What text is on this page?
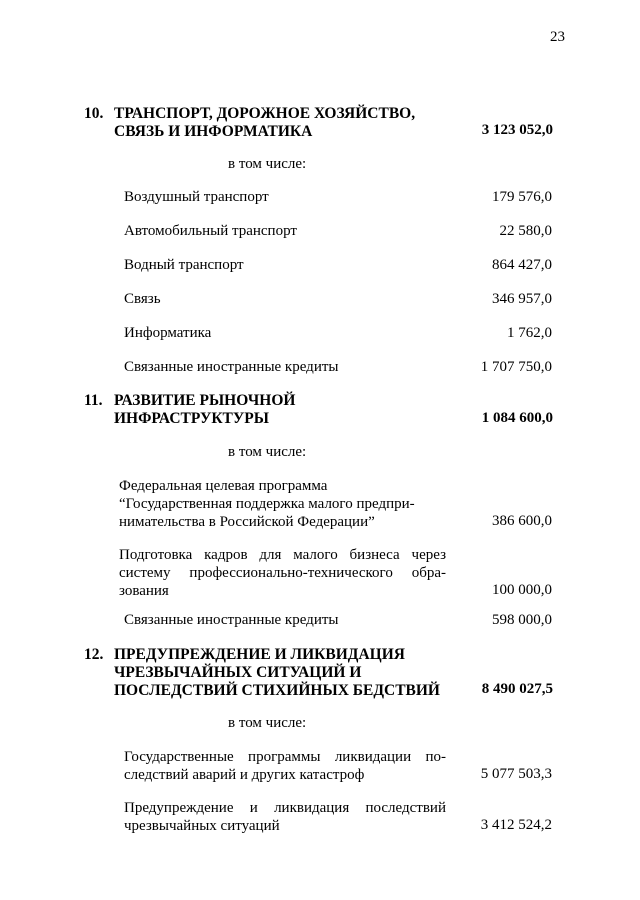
23
10. ТРАНСПОРТ, ДОРОЖНОЕ ХОЗЯЙСТВО,
СВЯЗЬ И ИНФОРМАТИКА	3 123 052,0
в том числе:
Воздушный транспорт	179 576,0
Автомобильный транспорт	22 580,0
Водный транспорт	864 427,0
Связь	346 957,0
Информатика	1 762,0
Связанные иностранные кредиты	1 707 750,0
11. РАЗВИТИЕ РЫНОЧНОЙ
ИНФРАСТРУКТУРЫ	1 084 600,0
в том числе:
Федеральная целевая программа
“Государственная поддержка малого предпри-
нимательства в Российской Федерации”	386 600,0
Подготовка кадров для малого бизнеса через
систему профессионально-технического обра-
зования	100 000,0
Связанные иностранные кредиты	598 000,0
12. ПРЕДУПРЕЖДЕНИЕ И ЛИКВИДАЦИЯ
ЧРЕЗВЫЧАЙНЫХ СИТУАЦИЙ И
ПОСЛЕДСТВИЙ СТИХИЙНЫХ БЕДСТВИЙ	8 490 027,5
в том числе:
Государственные программы ликвидации по-
следствий аварий и других катастроф	5 077 503,3
Предупреждение и ликвидация последствий
чрезвычайных ситуаций	3 412 524,2
